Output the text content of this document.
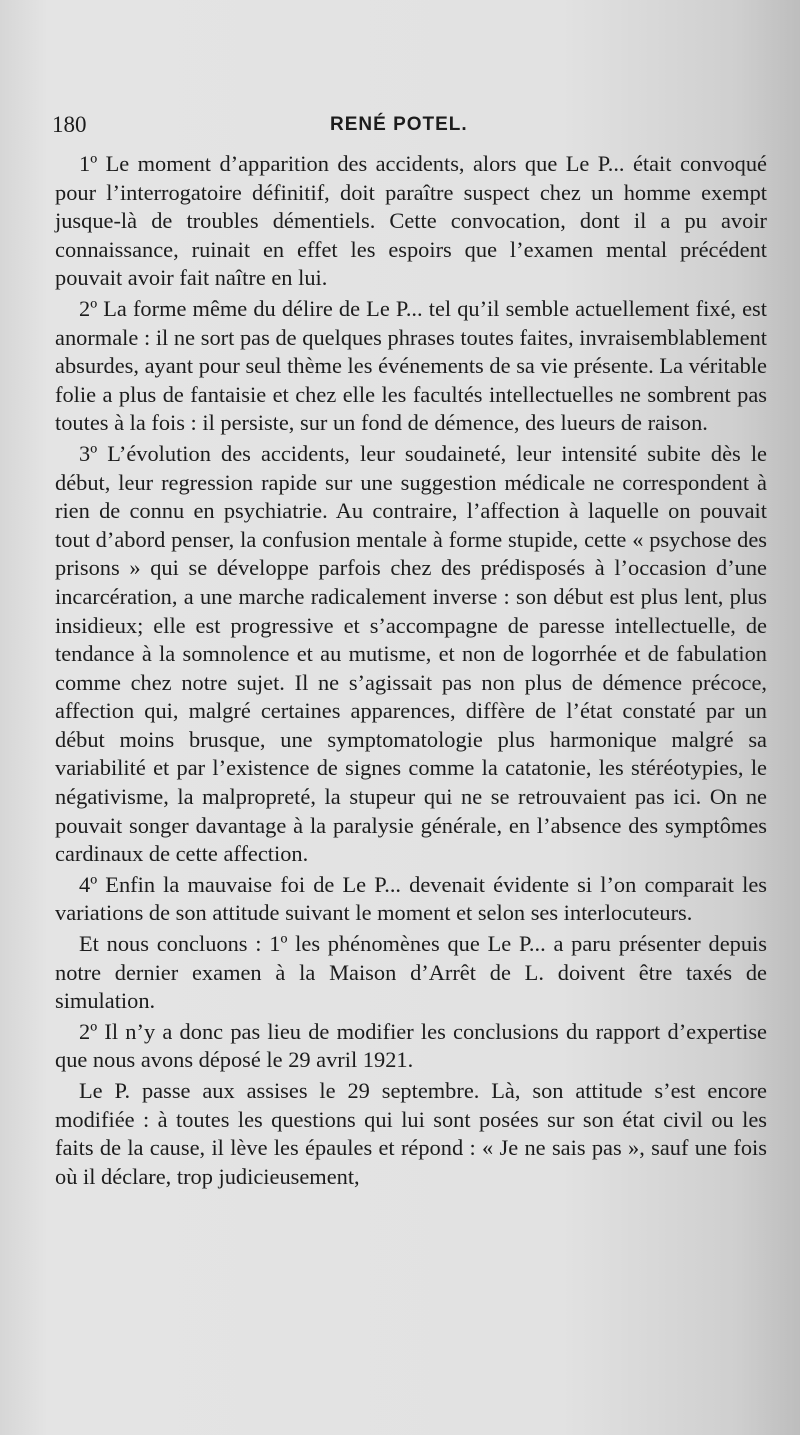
180	RENÉ POTEL.

1º Le moment d’apparition des accidents, alors que Le P... était convoqué pour l’interrogatoire définitif, doit paraître suspect chez un homme exempt jusque-là de troubles démentiels. Cette convocation, dont il a pu avoir connaissance, ruinait en effet les espoirs que l’examen mental précédent pouvait avoir fait naître en lui.

2º La forme même du délire de Le P... tel qu’il semble actuellement fixé, est anormale : il ne sort pas de quelques phrases toutes faites, invraisemblablement absurdes, ayant pour seul thème les événements de sa vie présente. La véritable folie a plus de fantaisie et chez elle les facultés intellectuelles ne sombrent pas toutes à la fois : il persiste, sur un fond de démence, des lueurs de raison.

3º L’évolution des accidents, leur soudaineté, leur intensité subite dès le début, leur regression rapide sur une suggestion médicale ne correspondent à rien de connu en psychiatrie. Au contraire, l’affection à laquelle on pouvait tout d’abord penser, la confusion mentale à forme stupide, cette « psychose des prisons » qui se développe parfois chez des prédisposés à l’occasion d’une incarcération, a une marche radicalement inverse : son début est plus lent, plus insidieux; elle est progressive et s’accompagne de paresse intellectuelle, de tendance à la somnolence et au mutisme, et non de logorrhée et de fabulation comme chez notre sujet. Il ne s’agissait pas non plus de démence précoce, affection qui, malgré certaines apparences, diffère de l’état constaté par un début moins brusque, une symptomatologie plus harmonique malgré sa variabilité et par l’existence de signes comme la catatonie, les stéréotypies, le négativisme, la malpropreté, la stupeur qui ne se retrouvaient pas ici. On ne pouvait songer davantage à la paralysie générale, en l’absence des symptômes cardinaux de cette affection.

4º Enfin la mauvaise foi de Le P... devenait évidente si l’on comparait les variations de son attitude suivant le moment et selon ses interlocuteurs.

Et nous concluons : 1º les phénomènes que Le P... a paru présenter depuis notre dernier examen à la Maison d’Arrêt de L. doivent être taxés de simulation.

2º Il n’y a donc pas lieu de modifier les conclusions du rapport d’expertise que nous avons déposé le 29 avril 1921.

Le P. passe aux assises le 29 septembre. Là, son attitude s’est encore modifiée : à toutes les questions qui lui sont posées sur son état civil ou les faits de la cause, il lève les épaules et répond : « Je ne sais pas », sauf une fois où il déclare, trop judicieusement,
